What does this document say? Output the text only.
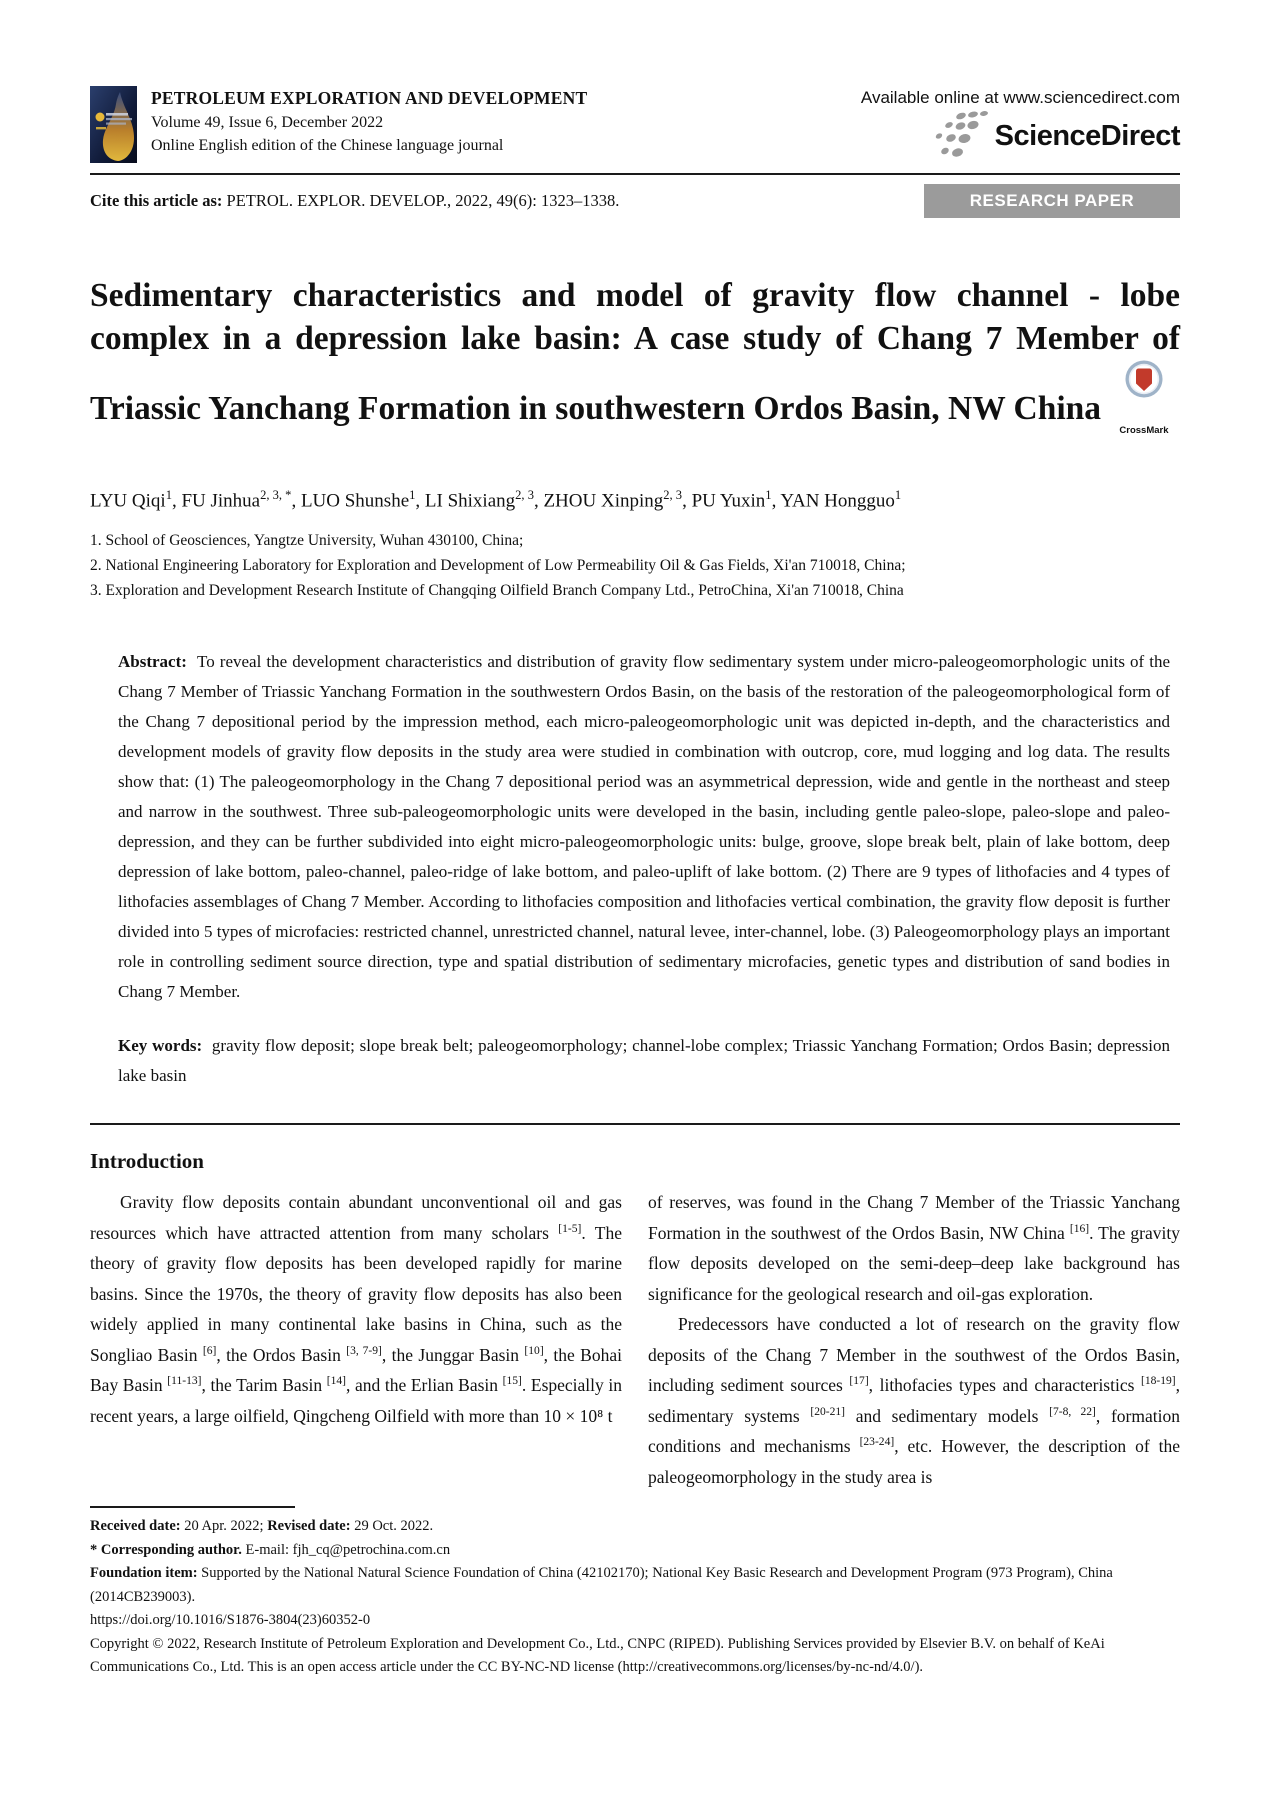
PETROLEUM EXPLORATION AND DEVELOPMENT
Volume 49, Issue 6, December 2022
Online English edition of the Chinese language journal
Available online at www.sciencedirect.com
ScienceDirect
Cite this article as: PETROL. EXPLOR. DEVELOP., 2022, 49(6): 1323–1338.	RESEARCH PAPER
Sedimentary characteristics and model of gravity flow channel - lobe complex in a depression lake basin: A case study of Chang 7 Member of Triassic Yanchang Formation in southwestern Ordos Basin, NW China
CrossMark
LYU Qiqi$^1$, FU Jinhua$^{2, 3, *}$, LUO Shunshe$^1$, LI Shixiang$^{2, 3}$, ZHOU Xinping$^{2, 3}$, PU Yuxin$^1$, YAN Hongguo$^1$
1. School of Geosciences, Yangtze University, Wuhan 430100, China;
2. National Engineering Laboratory for Exploration and Development of Low Permeability Oil & Gas Fields, Xi'an 710018, China;
3. Exploration and Development Research Institute of Changqing Oilfield Branch Company Ltd., PetroChina, Xi'an 710018, China

Abstract: To reveal the development characteristics and distribution of gravity flow sedimentary system under micro-paleogeomorphologic units of the Chang 7 Member of Triassic Yanchang Formation in the southwestern Ordos Basin, on the basis of the restoration of the paleogeomorphological form of the Chang 7 depositional period by the impression method, each micro-paleogeomorphologic unit was depicted in-depth, and the characteristics and development models of gravity flow deposits in the study area were studied in combination with outcrop, core, mud logging and log data. The results show that: (1) The paleogeomorphology in the Chang 7 depositional period was an asymmetrical depression, wide and gentle in the northeast and steep and narrow in the southwest. Three sub-paleogeomorphologic units were developed in the basin, including gentle paleo-slope, paleo-slope and paleo-depression, and they can be further subdivided into eight micro-paleogeomorphologic units: bulge, groove, slope break belt, plain of lake bottom, deep depression of lake bottom, paleo-channel, paleo-ridge of lake bottom, and paleo-uplift of lake bottom. (2) There are 9 types of lithofacies and 4 types of lithofacies assemblages of Chang 7 Member. According to lithofacies composition and lithofacies vertical combination, the gravity flow deposit is further divided into 5 types of microfacies: restricted channel, unrestricted channel, natural levee, inter-channel, lobe. (3) Paleogeomorphology plays an important role in controlling sediment source direction, type and spatial distribution of sedimentary microfacies, genetic types and distribution of sand bodies in Chang 7 Member.

Key words: gravity flow deposit; slope break belt; paleogeomorphology; channel-lobe complex; Triassic Yanchang Formation; Ordos Basin; depression lake basin

Introduction

Gravity flow deposits contain abundant unconventional oil and gas resources which have attracted attention from many scholars [1-5]. The theory of gravity flow deposits has been developed rapidly for marine basins. Since the 1970s, the theory of gravity flow deposits has also been widely applied in many continental lake basins in China, such as the Songliao Basin [6], the Ordos Basin [3, 7-9], the Junggar Basin [10], the Bohai Bay Basin [11-13], the Tarim Basin [14], and the Erlian Basin [15]. Especially in recent years, a large oilfield, Qingcheng Oilfield with more than 10 × 10⁸ t

of reserves, was found in the Chang 7 Member of the Triassic Yanchang Formation in the southwest of the Ordos Basin, NW China [16]. The gravity flow deposits developed on the semi-deep–deep lake background has significance for the geological research and oil-gas exploration.

Predecessors have conducted a lot of research on the gravity flow deposits of the Chang 7 Member in the southwest of the Ordos Basin, including sediment sources [17], lithofacies types and characteristics [18-19], sedimentary systems [20-21] and sedimentary models [7-8, 22], formation conditions and mechanisms [23-24], etc. However, the description of the paleogeomorphology in the study area is

Received date: 20 Apr. 2022; Revised date: 29 Oct. 2022.

* Corresponding author. E-mail: fjh_cq@petrochina.com.cn

Foundation item: Supported by the National Natural Science Foundation of China (42102170); National Key Basic Research and Development Program (973 Program), China (2014CB239003).

https://doi.org/10.1016/S1876-3804(23)60352-0

Copyright © 2022, Research Institute of Petroleum Exploration and Development Co., Ltd., CNPC (RIPED). Publishing Services provided by Elsevier B.V. on behalf of KeAi Communications Co., Ltd. This is an open access article under the CC BY-NC-ND license (http://creativecommons.org/licenses/by-nc-nd/4.0/).
